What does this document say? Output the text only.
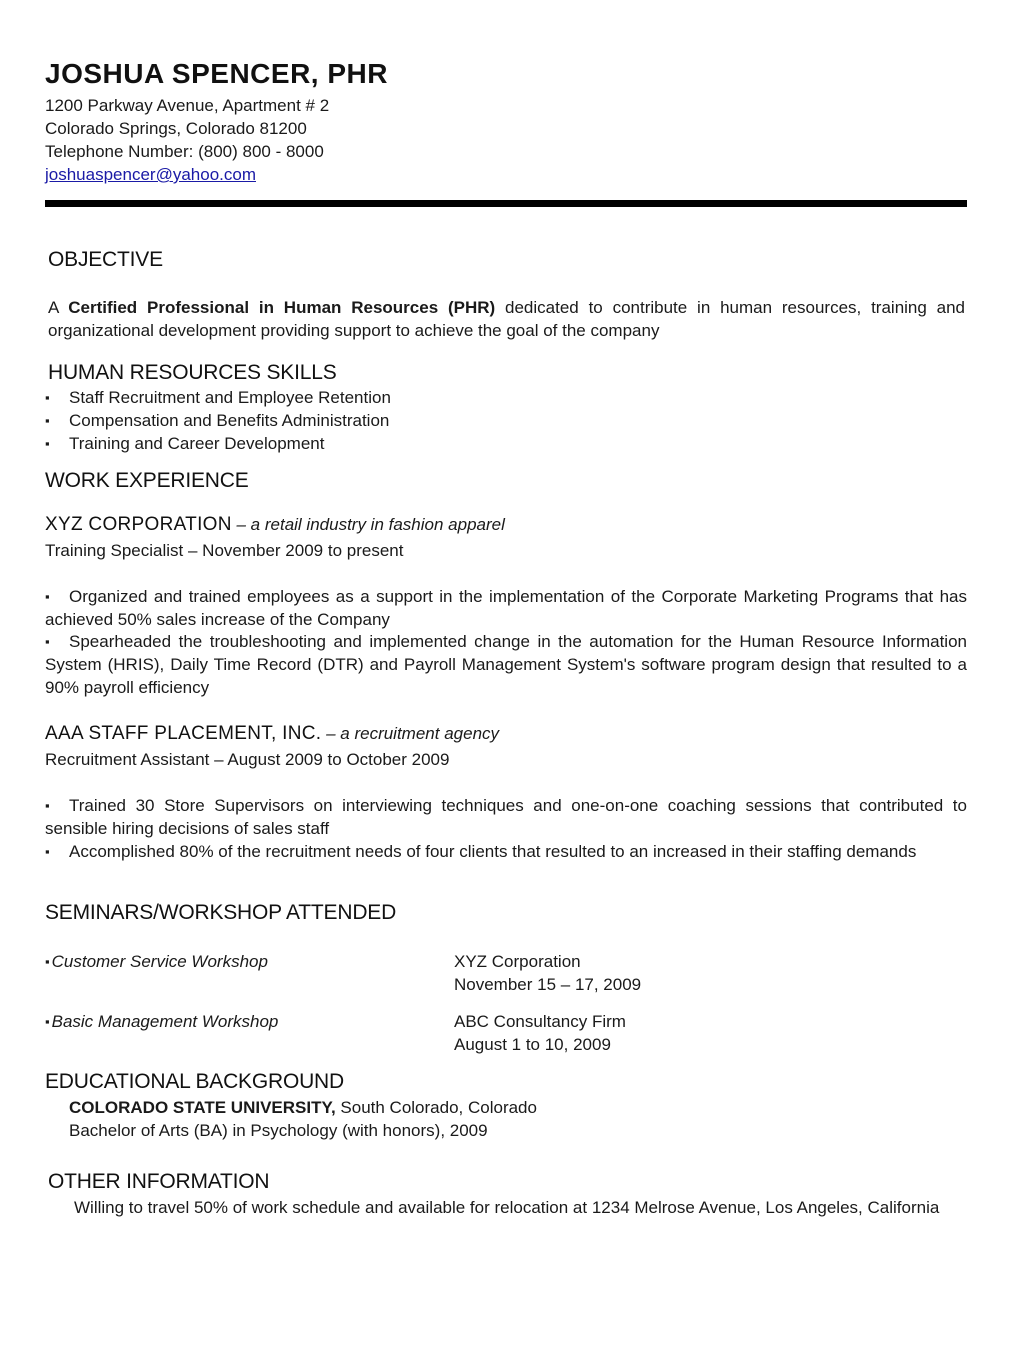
JOSHUA SPENCER, PHR
1200 Parkway Avenue, Apartment # 2
Colorado Springs, Colorado 81200
Telephone Number: (800) 800 - 8000
joshuaspencer@yahoo.com
OBJECTIVE
A Certified Professional in Human Resources (PHR) dedicated to contribute in human resources, training and organizational development providing support to achieve the goal of the company
HUMAN RESOURCES SKILLS
▪ Staff Recruitment and Employee Retention
▪ Compensation and Benefits Administration
▪ Training and Career Development
WORK EXPERIENCE
XYZ CORPORATION – a retail industry in fashion apparel
Training Specialist – November 2009 to present
▪ Organized and trained employees as a support in the implementation of the Corporate Marketing Programs that has achieved 50% sales increase of the Company
▪ Spearheaded the troubleshooting and implemented change in the automation for the Human Resource Information System (HRIS), Daily Time Record (DTR) and Payroll Management System's software program design that resulted to a 90% payroll efficiency
AAA STAFF PLACEMENT, INC. – a recruitment agency
Recruitment Assistant – August 2009 to October 2009
▪ Trained 30 Store Supervisors on interviewing techniques and one-on-one coaching sessions that contributed to sensible hiring decisions of sales staff
▪ Accomplished 80% of the recruitment needs of four clients that resulted to an increased in their staffing demands
SEMINARS/WORKSHOP ATTENDED
▪ Customer Service Workshop	XYZ Corporation
November 15 – 17, 2009
▪ Basic Management Workshop	ABC Consultancy Firm
August 1 to 10, 2009
EDUCATIONAL BACKGROUND
COLORADO STATE UNIVERSITY, South Colorado, Colorado
Bachelor of Arts (BA) in Psychology (with honors), 2009
OTHER INFORMATION
Willing to travel 50% of work schedule and available for relocation at 1234 Melrose Avenue, Los Angeles, California
